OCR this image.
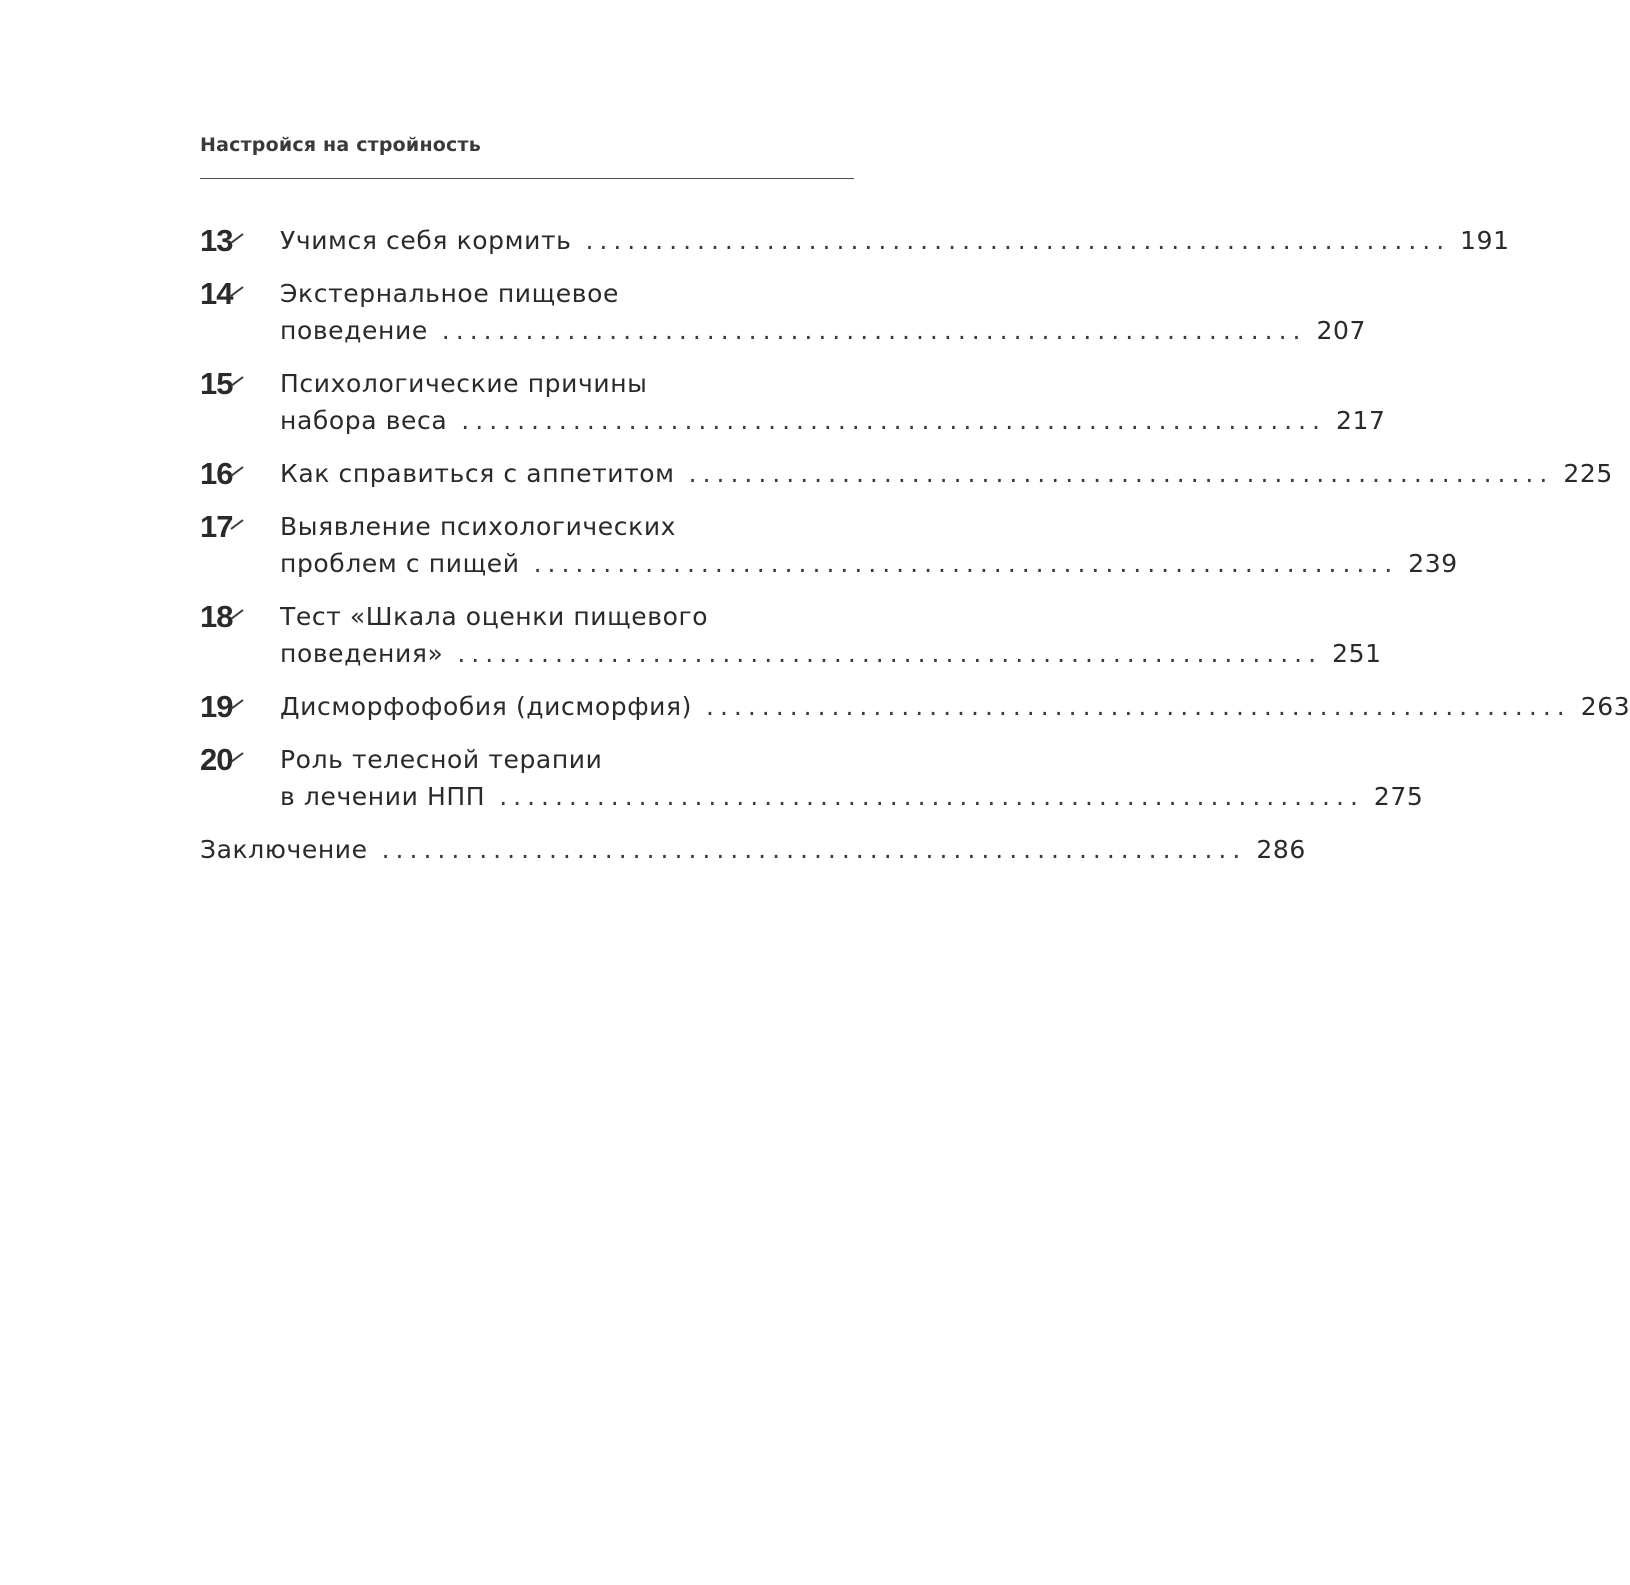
Настройся на стройность
13	Учимся себя кормить .............................................................. 191
14	Экстернальное пищевое
поведение .............................................................. 207
15	Психологические причины
набора веса .............................................................. 217
16	Как справиться с аппетитом .............................................................. 225
17	Выявление психологических
проблем с пищей .............................................................. 239
18	Тест «Шкала оценки пищевого
поведения» .............................................................. 251
19	Дисморфофобия (дисморфия) .............................................................. 263
20	Роль телесной терапии
в лечении НПП .............................................................. 275
Заключение .............................................................. 286
